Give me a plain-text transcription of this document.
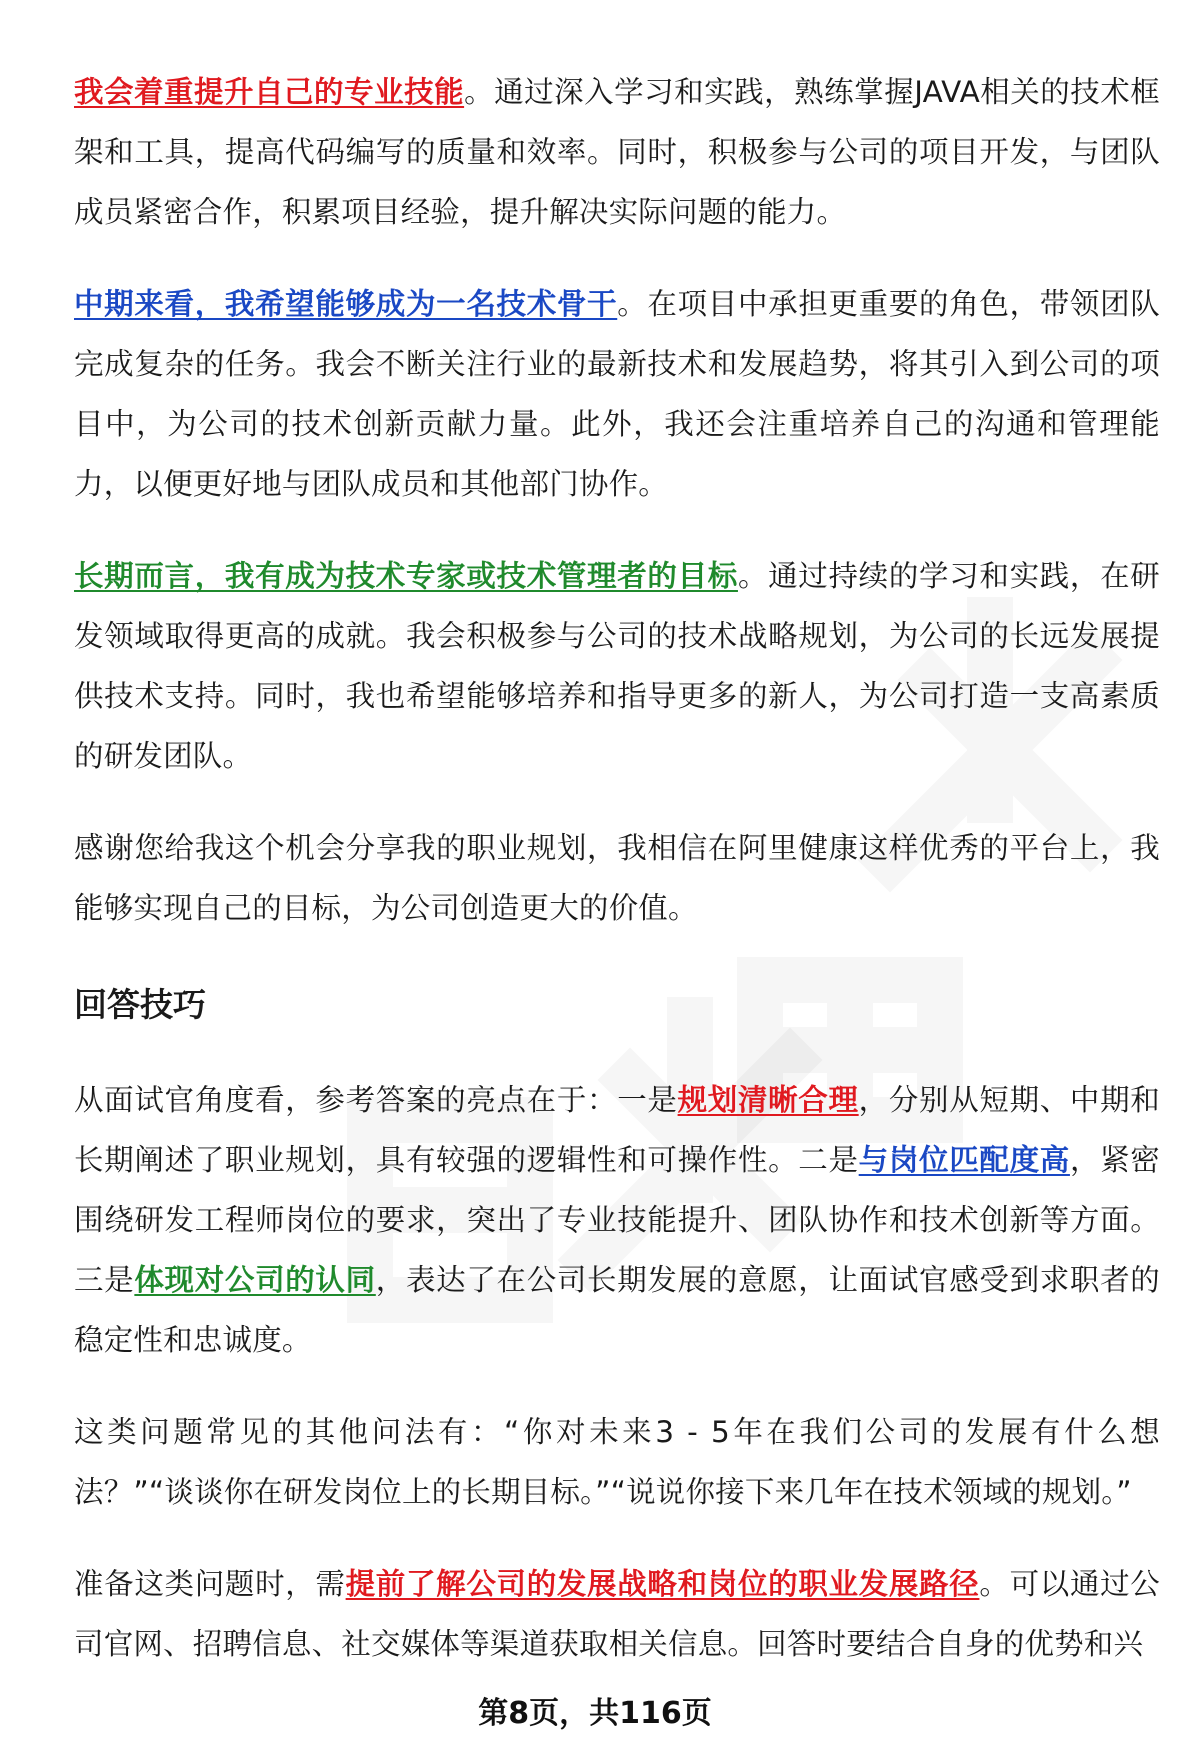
我会着重提升自己的专业技能。通过深入学习和实践，熟练掌握JAVA相关的技术框架和工具，提高代码编写的质量和效率。同时，积极参与公司的项目开发，与团队成员紧密合作，积累项目经验，提升解决实际问题的能力。

中期来看，我希望能够成为一名技术骨干。在项目中承担更重要的角色，带领团队完成复杂的任务。我会不断关注行业的最新技术和发展趋势，将其引入到公司的项目中，为公司的技术创新贡献力量。此外，我还会注重培养自己的沟通和管理能力，以便更好地与团队成员和其他部门协作。

长期而言，我有成为技术专家或技术管理者的目标。通过持续的学习和实践，在研发领域取得更高的成就。我会积极参与公司的技术战略规划，为公司的长远发展提供技术支持。同时，我也希望能够培养和指导更多的新人，为公司打造一支高素质的研发团队。

感谢您给我这个机会分享我的职业规划，我相信在阿里健康这样优秀的平台上，我能够实现自己的目标，为公司创造更大的价值。

回答技巧

从面试官角度看，参考答案的亮点在于：一是规划清晰合理，分别从短期、中期和长期阐述了职业规划，具有较强的逻辑性和可操作性。二是与岗位匹配度高，紧密围绕研发工程师岗位的要求，突出了专业技能提升、团队协作和技术创新等方面。三是体现对公司的认同，表达了在公司长期发展的意愿，让面试官感受到求职者的稳定性和忠诚度。

这类问题常见的其他问法有：“你对未来3 - 5年在我们公司的发展有什么想法？”“谈谈你在研发岗位上的长期目标。”“说说你接下来几年在技术领域的规划。”

准备这类问题时，需提前了解公司的发展战略和岗位的职业发展路径。可以通过公司官网、招聘信息、社交媒体等渠道获取相关信息。回答时要结合自身的优势和兴

第8页，共116页
